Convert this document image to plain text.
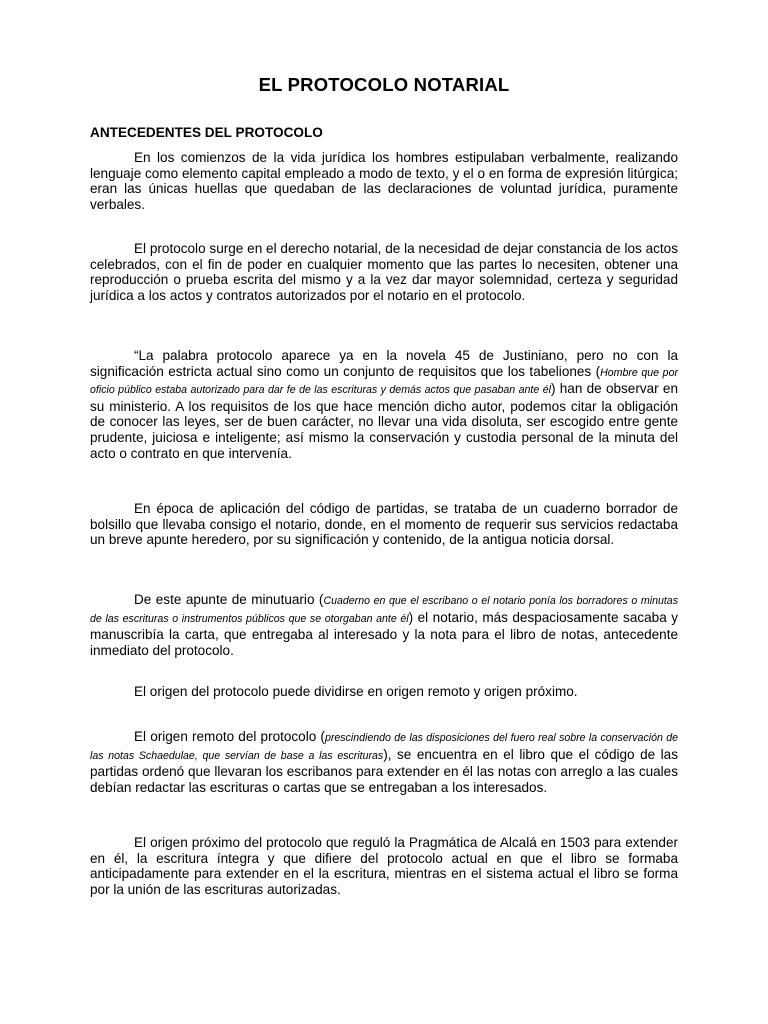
EL PROTOCOLO NOTARIAL
ANTECEDENTES DEL PROTOCOLO

En los comienzos de la vida jurídica los hombres estipulaban verbalmente, realizando lenguaje como elemento capital empleado a modo de texto, y el o en forma de expresión litúrgica; eran las únicas huellas que quedaban de las declaraciones de voluntad jurídica, puramente verbales.

El protocolo surge en el derecho notarial, de la necesidad de dejar constancia de los actos celebrados, con el fin de poder en cualquier momento que las partes lo necesiten, obtener una reproducción o prueba escrita del mismo y a la vez dar mayor solemnidad, certeza y seguridad jurídica a los actos y contratos autorizados por el notario en el protocolo.

“La palabra protocolo aparece ya en la novela 45 de Justiniano, pero no con la significación estricta actual sino como un conjunto de requisitos que los tabeliones (Hombre que por oficio público estaba autorizado para dar fe de las escrituras y demás actos que pasaban ante él) han de observar en su ministerio. A los requisitos de los que hace mención dicho autor, podemos citar la obligación de conocer las leyes, ser de buen carácter, no llevar una vida disoluta, ser escogido entre gente prudente, juiciosa e inteligente; así mismo la conservación y custodia personal de la minuta del acto o contrato en que intervenía.

En época de aplicación del código de partidas, se trataba de un cuaderno borrador de bolsillo que llevaba consigo el notario, donde, en el momento de requerir sus servicios redactaba un breve apunte heredero, por su significación y contenido, de la antigua noticia dorsal.

De este apunte de minutuario (Cuaderno en que el escribano o el notario ponía los borradores o minutas de las escrituras o instrumentos públicos que se otorgaban ante él) el notario, más despaciosamente sacaba y manuscribía la carta, que entregaba al interesado y la nota para el libro de notas, antecedente inmediato del protocolo.

El origen del protocolo puede dividirse en origen remoto y origen próximo.

El origen remoto del protocolo (prescindiendo de las disposiciones del fuero real sobre la conservación de las notas Schaedulae, que servían de base a las escrituras), se encuentra en el libro que el código de las partidas ordenó que llevaran los escribanos para extender en él las notas con arreglo a las cuales debían redactar las escrituras o cartas que se entregaban a los interesados.

El origen próximo del protocolo que reguló la Pragmática de Alcalá en 1503 para extender en él, la escritura íntegra y que difiere del protocolo actual en que el libro se formaba anticipadamente para extender en el la escritura, mientras en el sistema actual el libro se forma por la unión de las escrituras autorizadas.
